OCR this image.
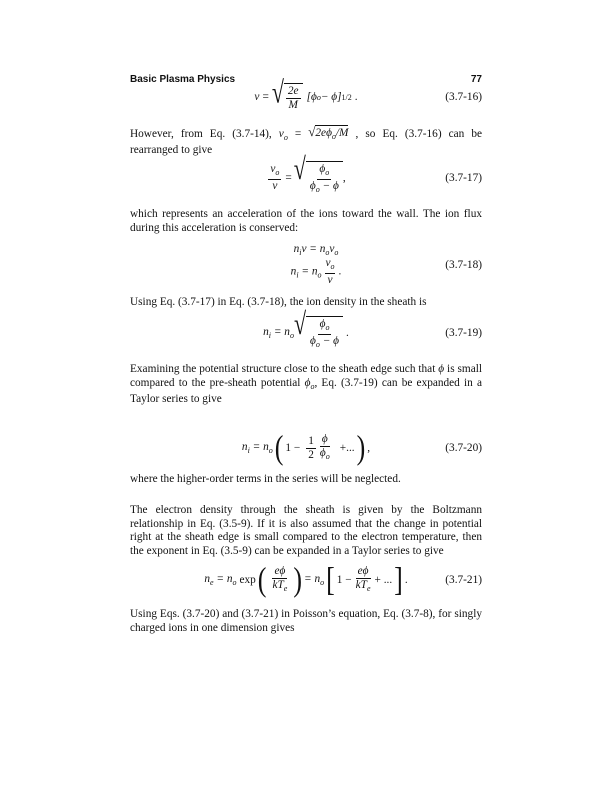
Basic Plasma Physics	77
v = √ $\frac{2e}{M} [\phi$ o − ϕ] 1/2 .	(3.7-16)
However, from Eq. (3.7-14), $v_o$ = √ $2e\phi_o/M$ , so Eq. (3.7-16) can be rearranged to give
$\frac{v_o}{v}$ = √ $\frac{\phi_o}{\phi_o - \phi}$ ,	(3.7-17)
which represents an acceleration of the ions toward the wall. The ion flux during this acceleration is conserved:
$n_iv = n_ov_o$
$n_i = n_o \frac{v_o}{v}$ .
(3.7-18)
Using Eq. (3.7-17) in Eq. (3.7-18), the ion density in the sheath is
$n_i = n_o$ √ $\frac{\phi_o}{\phi_o - \phi}$ .	(3.7-19)
Examining the potential structure close to the sheath edge such that ϕ is small compared to the pre-sheath potential $\phi_o$, Eq. (3.7-19) can be expanded in a Taylor series to give
$n_i = n_o$ ( $1 - \frac{1}{2} \frac{\phi}{\phi_o}$ +... ) ,	(3.7-20)
where the higher-order terms in the series will be neglected.
The electron density through the sheath is given by the Boltzmann relationship in Eq. (3.5-9). If it is also assumed that the change in potential right at the sheath edge is small compared to the electron temperature, then the exponent in Eq. (3.5-9) can be expanded in a Taylor series to give
$n_e = n_o$ exp ( $\frac{e\phi}{kT_e}$ ) = $n_o$ [ $1 - \frac{e\phi}{kT_e}$ + ... ] .	(3.7-21)
Using Eqs. (3.7-20) and (3.7-21) in Poisson’s equation, Eq. (3.7-8), for singly charged ions in one dimension gives
